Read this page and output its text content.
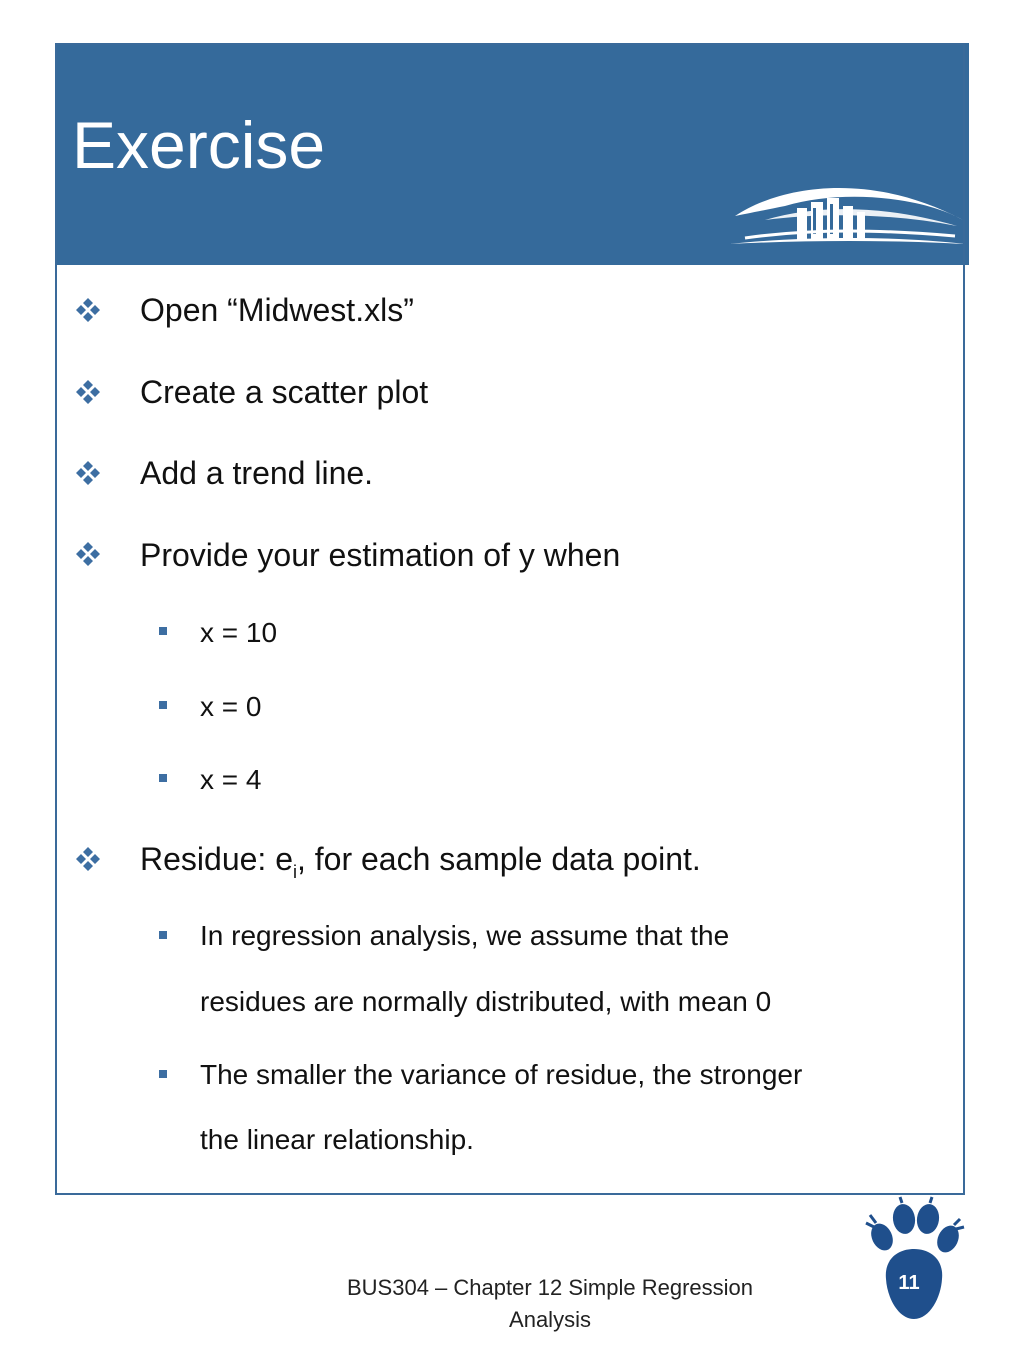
Exercise
Open “Midwest.xls”
Create a scatter plot
Add a trend line.
Provide your estimation of y when
x = 10
x = 0
x = 4
Residue: $e_i$, for each sample data point.
In regression analysis, we assume that the
residues are normally distributed, with mean 0
The smaller the variance of residue, the stronger
the linear relationship.
BUS304 – Chapter 12 Simple Regression
Analysis
11
